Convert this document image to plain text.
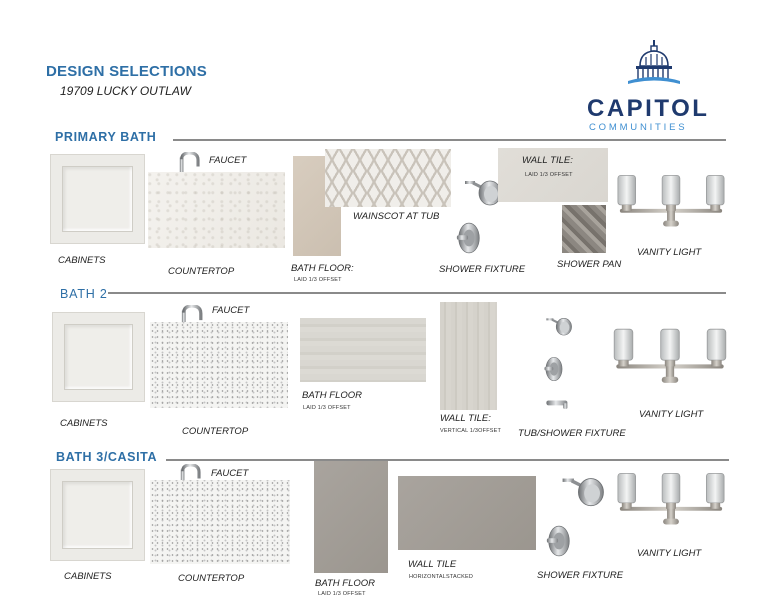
DESIGN SELECTIONS
19709 LUCKY OUTLAW
CAPITOL
COMMUNITIES
PRIMARY BATH
CABINETS
FAUCET
COUNTERTOP
WAINSCOT AT TUB
BATH FLOOR:
LAID 1/3 OFFSET
SHOWER FIXTURE
WALL TILE:
LAID 1/3 OFFSET
SHOWER PAN
VANITY LIGHT
BATH 2
CABINETS
FAUCET
COUNTERTOP
BATH FLOOR
LAID 1/3 OFFSET
WALL TILE:
VERTICAL 1/3OFFSET TUB/SHOWER FIXTURE
VANITY LIGHT
BATH 3/CASITA
CABINETS
FAUCET
COUNTERTOP	BATH FLOOR
LAID 1/3 OFFSET
WALL TILE
HORIZONTALSTACKED	SHOWER FIXTURE
VANITY LIGHT
